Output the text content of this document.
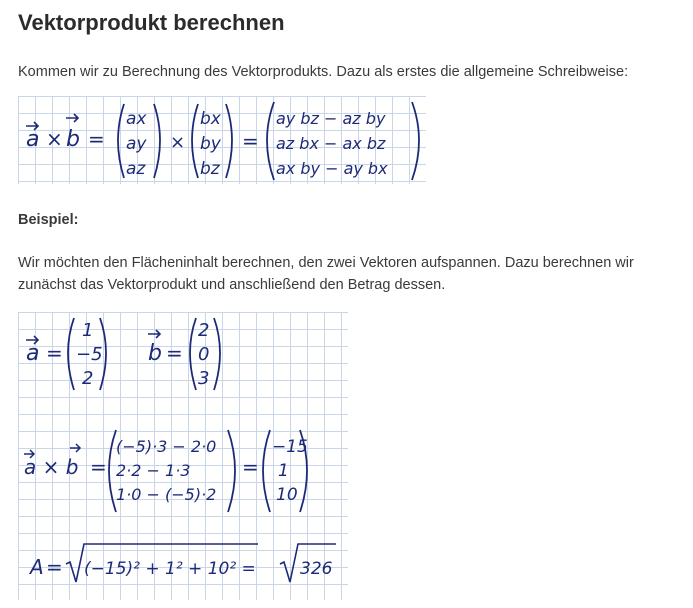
Vektorprodukt berechnen

Kommen wir zu Berechnung des Vektorprodukts. Dazu als erstes die allgemeine Schreibweise:

a × b =
ax
ay
az
×
bx
by
bz
=
ay bz − az by
az bx − ax bz
ax by − ay bx

Beispiel:

Wir möchten den Flächeninhalt berechnen, den zwei Vektoren aufspannen. Dazu berechnen wir

zunächst das Vektorprodukt und anschließend den Betrag dessen.

a =
1
−5
2
b =
2
0
3
a × b =
(−5)·3 − 2·0
2·2 − 1·3
1·0 − (−5)·2
=
−15
1
10
A = (−15)² + 1² + 10² =	326
